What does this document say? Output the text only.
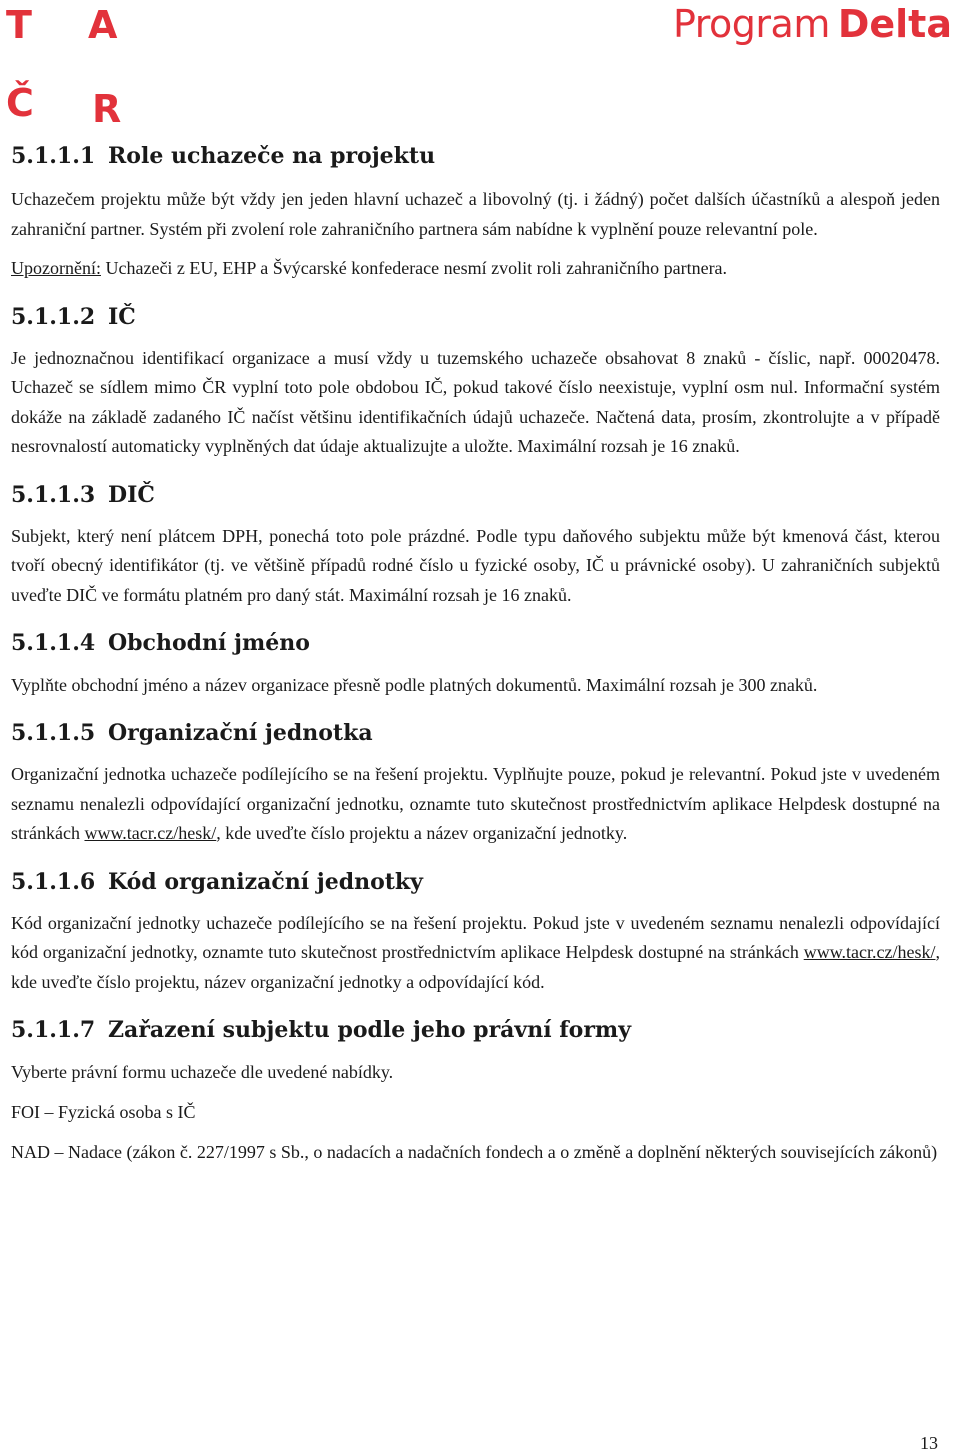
T A
Č R
Program Delta
5.1.1.1 Role uchazeče na projektu

Uchazečem projektu může být vždy jen jeden hlavní uchazeč a libovolný (tj. i žádný) počet dalších účastníků a alespoň jeden zahraniční partner. Systém při zvolení role zahraničního partnera sám nabídne k vyplnění pouze relevantní pole.

Upozornění: Uchazeči z EU, EHP a Švýcarské konfederace nesmí zvolit roli zahraničního partnera.

5.1.1.2 IČ

Je jednoznačnou identifikací organizace a musí vždy u tuzemského uchazeče obsahovat 8 znaků - číslic, např. 00020478. Uchazeč se sídlem mimo ČR vyplní toto pole obdobou IČ, pokud takové číslo neexistuje, vyplní osm nul. Informační systém dokáže na základě zadaného IČ načíst většinu identifikačních údajů uchazeče. Načtená data, prosím, zkontrolujte a v případě nesrovnalostí automaticky vyplněných dat údaje aktualizujte a uložte. Maximální rozsah je 16 znaků.

5.1.1.3 DIČ

Subjekt, který není plátcem DPH, ponechá toto pole prázdné. Podle typu daňového subjektu může být kmenová část, kterou tvoří obecný identifikátor (tj. ve většině případů rodné číslo u fyzické osoby, IČ u právnické osoby). U zahraničních subjektů uveďte DIČ ve formátu platném pro daný stát. Maximální rozsah je 16 znaků.

5.1.1.4 Obchodní jméno

Vyplňte obchodní jméno a název organizace přesně podle platných dokumentů. Maximální rozsah je 300 znaků.

5.1.1.5 Organizační jednotka

Organizační jednotka uchazeče podílejícího se na řešení projektu. Vyplňujte pouze, pokud je relevantní. Pokud jste v uvedeném seznamu nenalezli odpovídající organizační jednotku, oznamte tuto skutečnost prostřednictvím aplikace Helpdesk dostupné na stránkách www.tacr.cz/hesk/, kde uveďte číslo projektu a název organizační jednotky.

5.1.1.6 Kód organizační jednotky

Kód organizační jednotky uchazeče podílejícího se na řešení projektu. Pokud jste v uvedeném seznamu nenalezli odpovídající kód organizační jednotky, oznamte tuto skutečnost prostřednictvím aplikace Helpdesk dostupné na stránkách www.tacr.cz/hesk/, kde uveďte číslo projektu, název organizační jednotky a odpovídající kód.

5.1.1.7 Zařazení subjektu podle jeho právní formy

Vyberte právní formu uchazeče dle uvedené nabídky.

FOI – Fyzická osoba s IČ

NAD – Nadace (zákon č. 227/1997 s Sb., o nadacích a nadačních fondech a o změně a doplnění některých souvisejících zákonů)

13
